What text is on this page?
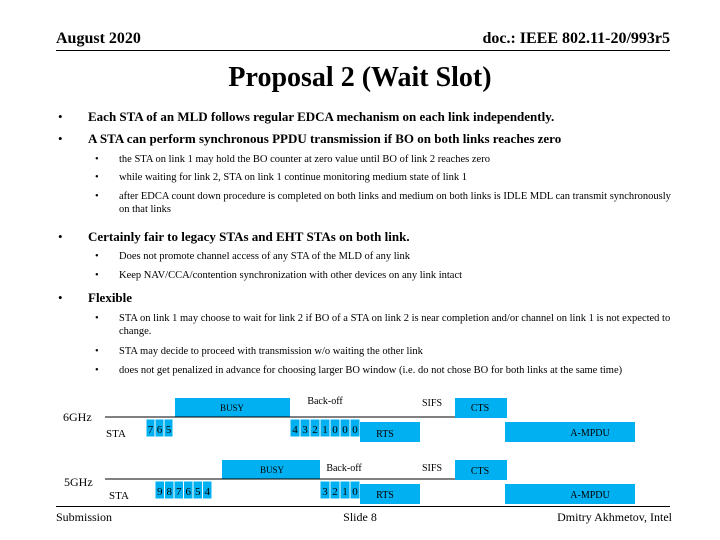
August 2020	doc.: IEEE 802.11-20/993r5
Proposal 2 (Wait Slot)
• Each STA of an MLD follows regular EDCA mechanism on each link independently.
• A STA can perform synchronous PPDU transmission if BO on both links reaches zero
• the STA on link 1 may hold the BO counter at zero value until BO of link 2 reaches zero
• while waiting for link 2, STA on link 1 continue monitoring medium state of link 1
• after EDCA count down procedure is completed on both links and medium on both links is IDLE MDL can transmit synchronously on that links
• Certainly fair to legacy STAs and EHT STAs on both link.
• Does not promote channel access of any STA of the MLD of any link
• Keep NAV/CCA/contention synchronization with other devices on any link intact
• Flexible
• STA on link 1 may choose to wait for link 2 if BO of a STA on link 2 is near completion and/or channel on link 1 is not expected to change.
• STA may decide to proceed with transmission w/o waiting the other link
• does not get penalized in advance for choosing larger BO window (i.e. do not chose BO for both links at the same time)
6GHz
STA
BUSY
Back-off	SIFS
7 6 5	4 3 2 1 0 0 0 RTS
CTS
A-MPDU
5GHz
STA
BUSY	Back-off	SIFS
9 8 7 6 5 4	3 2 1 0 RTS
CTS
A-MPDU
Submission	Slide 8	Dmitry Akhmetov, Intel
